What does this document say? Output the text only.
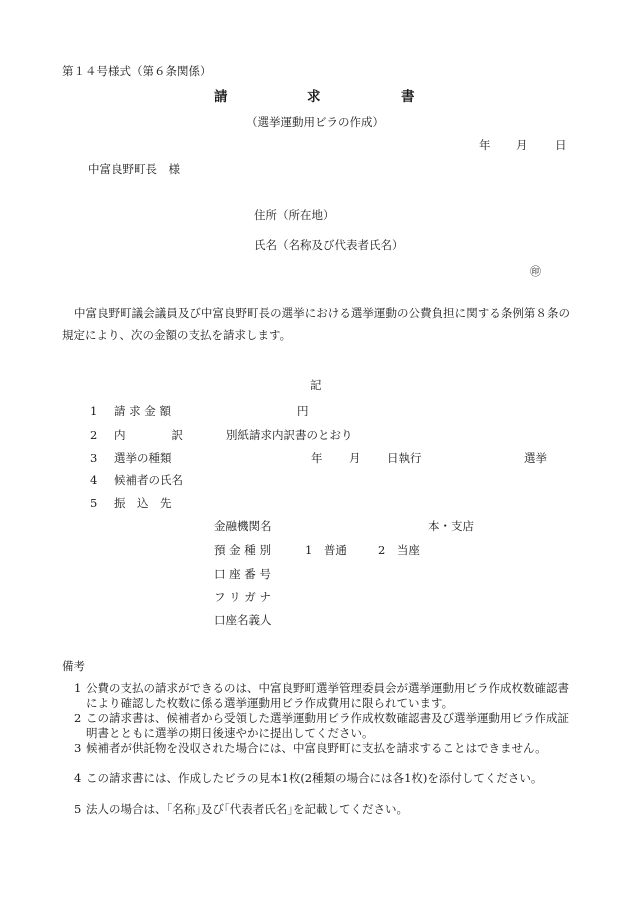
第１４号様式（第６条関係）
請	求	書
（選挙運動用ビラの作成）
年 月 日
中富良野町長　様
住所（所在地）
氏名（名称及び代表者氏名）
㊞
中富良野町議会議員及び中富良野町長の選挙における選挙運動の公費負担に関する条例第８条の規定により、次の金額の支払を請求します。
記
1 請 求 金 額	円
2 内　　　　訳	別紙請求内訳書のとおり
3 選挙の種類	年 月 日執行	選挙
4 候補者の氏名
5 振　込　先
金融機関名	本・支店
預 金 種 別	1　普通	2　当座
口 座 番 号
フ リ ガ ナ
口座名義人
備考
1 公費の支払の請求ができるのは、中富良野町選挙管理委員会が選挙運動用ビラ作成枚数確認書により確認した枚数に係る選挙運動用ビラ作成費用に限られています。
2 この請求書は、候補者から受領した選挙運動用ビラ作成枚数確認書及び選挙運動用ビラ作成証明書とともに選挙の期日後速やかに提出してください。
3 候補者が供託物を没収された場合には、中富良野町に支払を請求することはできません。
4 この請求書には、作成したビラの見本1枚(2種類の場合には各1枚)を添付してください。
5 法人の場合は、｢名称｣及び｢代表者氏名｣を記載してください。
